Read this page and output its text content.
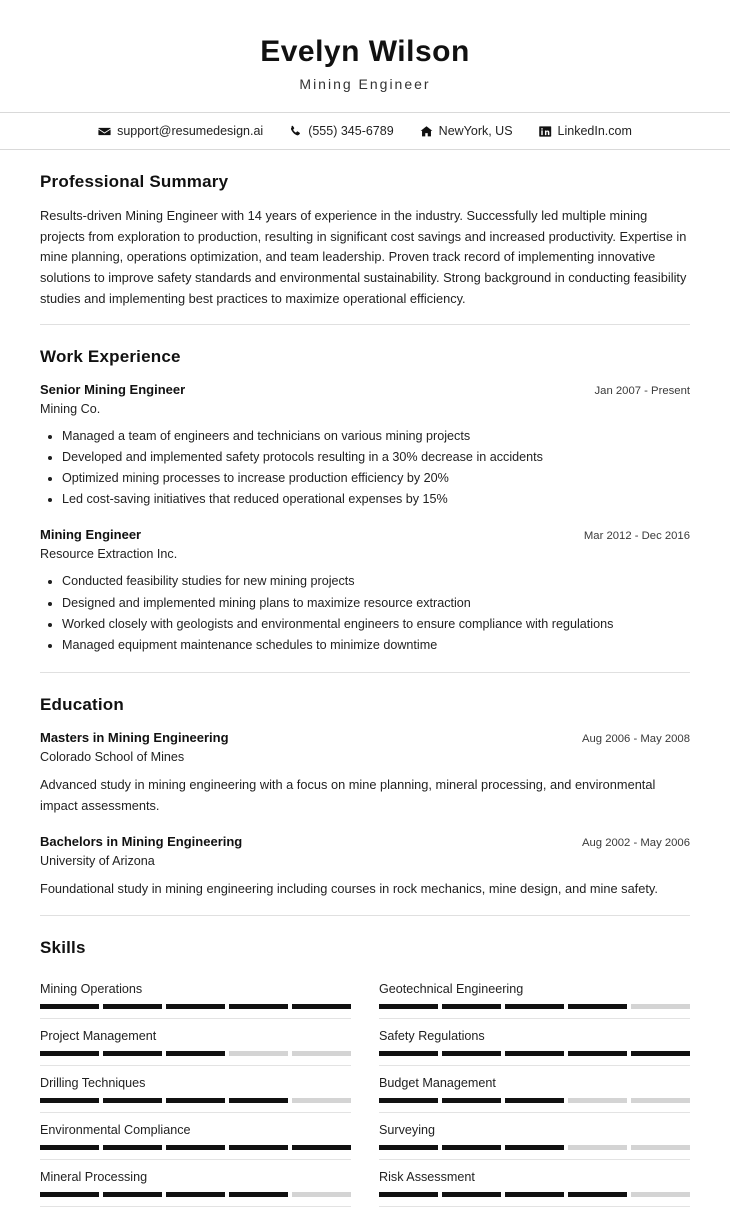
Evelyn Wilson

Mining Engineer

support@resumedesign.ai	(555) 345-6789	NewYork, US	LinkedIn.com
Professional Summary

Results-driven Mining Engineer with 14 years of experience in the industry. Successfully led multiple mining projects from exploration to production, resulting in significant cost savings and increased productivity. Expertise in mine planning, operations optimization, and team leadership. Proven track record of implementing innovative solutions to improve safety standards and environmental sustainability. Strong background in conducting feasibility studies and implementing best practices to maximize operational efficiency.

Work Experience
Senior Mining Engineer	Jan 2007 - Present
Mining Co.
• Managed a team of engineers and technicians on various mining projects
• Developed and implemented safety protocols resulting in a 30% decrease in accidents
• Optimized mining processes to increase production efficiency by 20%
• Led cost-saving initiatives that reduced operational expenses by 15%
Mining Engineer	Mar 2012 - Dec 2016
Resource Extraction Inc.
• Conducted feasibility studies for new mining projects
• Designed and implemented mining plans to maximize resource extraction
• Worked closely with geologists and environmental engineers to ensure compliance with regulations
• Managed equipment maintenance schedules to minimize downtime
Education
Masters in Mining Engineering	Aug 2006 - May 2008
Colorado School of Mines

Advanced study in mining engineering with a focus on mine planning, mineral processing, and environmental impact assessments.

Bachelors in Mining Engineering	Aug 2002 - May 2006
University of Arizona

Foundational study in mining engineering including courses in rock mechanics, mine design, and mine safety.

Skills
Mining Operations	Geotechnical Engineering
Project Management	Safety Regulations
Drilling Techniques	Budget Management
Environmental Compliance	Surveying
Mineral Processing	Risk Assessment
